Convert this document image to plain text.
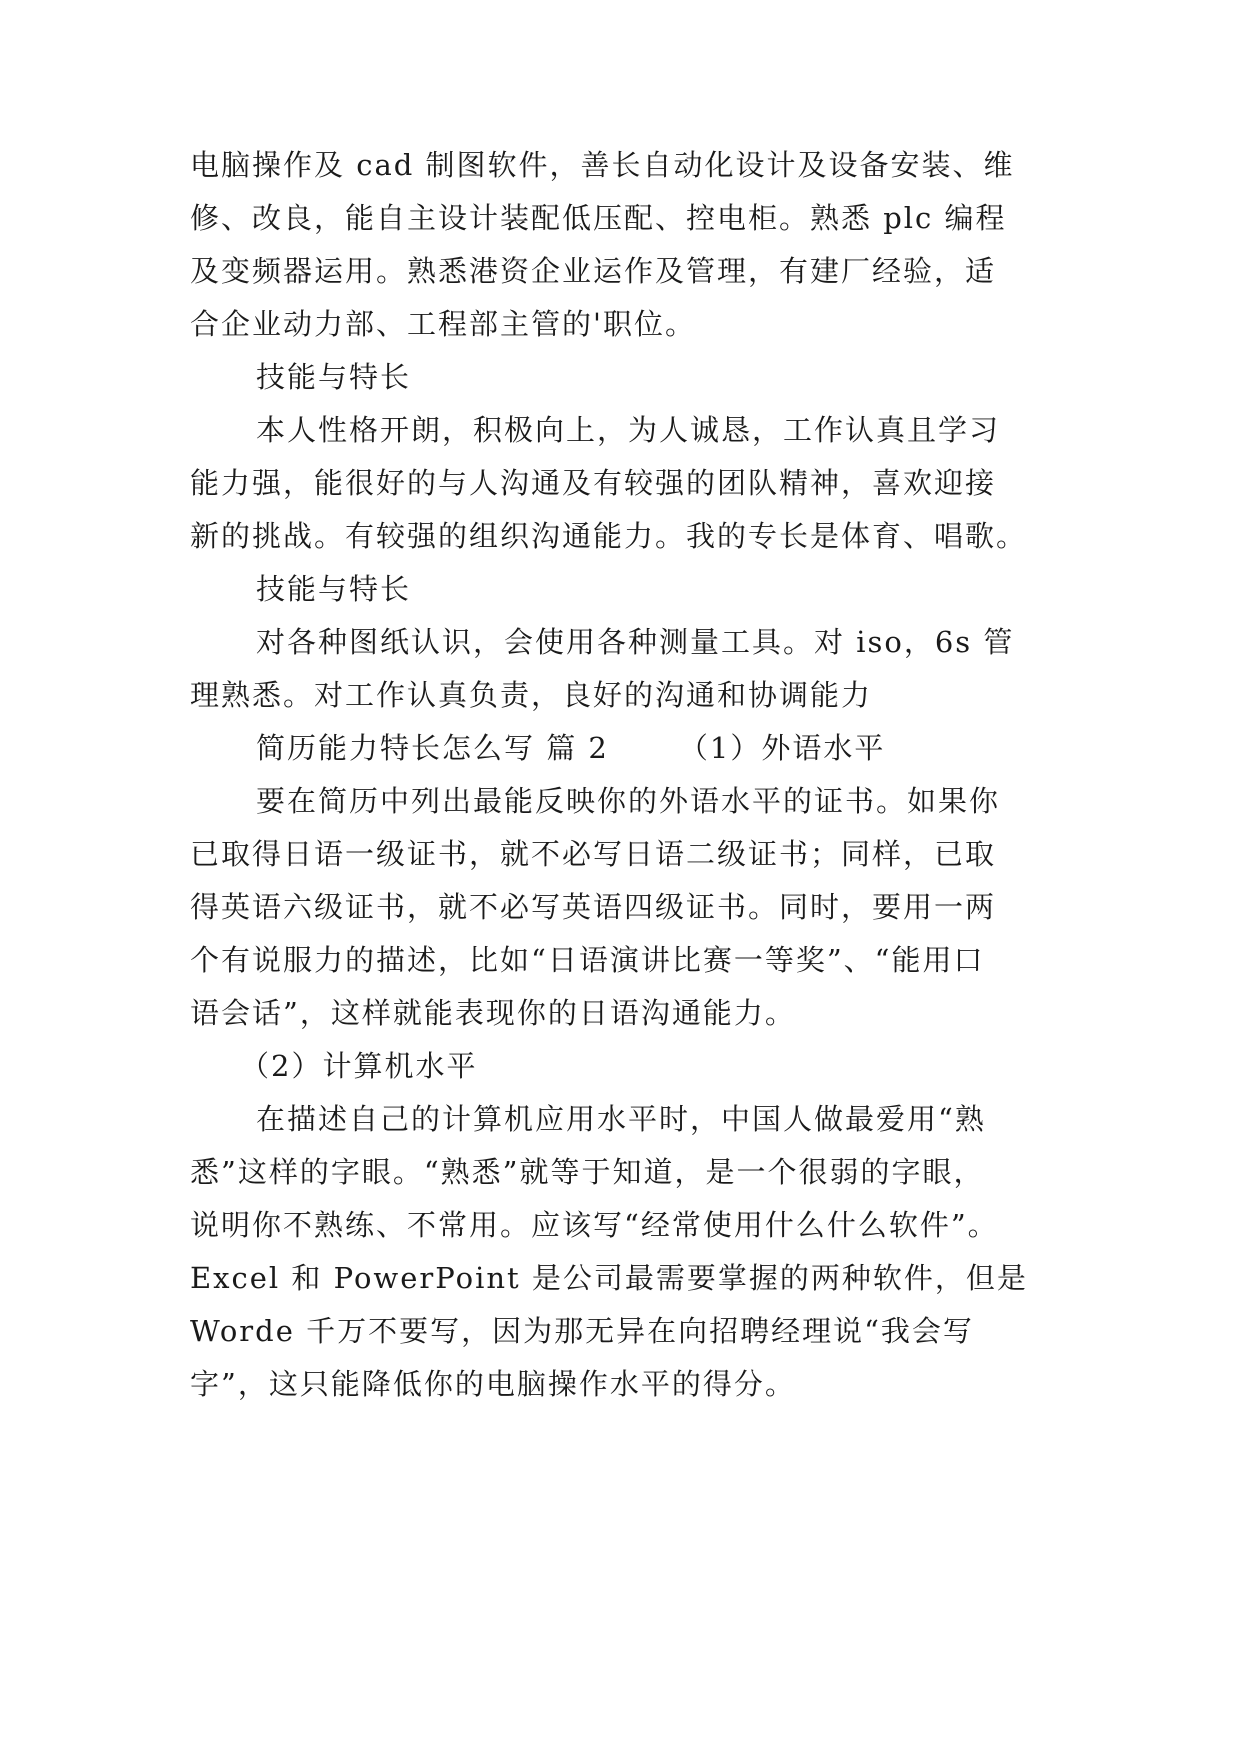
电脑操作及 cad 制图软件，善长自动化设计及设备安装、维
修、改良，能自主设计装配低压配、控电柜。熟悉 plc 编程
及变频器运用。熟悉港资企业运作及管理，有建厂经验，适
合企业动力部、工程部主管的'职位。
技能与特长
本人性格开朗，积极向上，为人诚恳，工作认真且学习
能力强，能很好的与人沟通及有较强的团队精神，喜欢迎接
新的挑战。有较强的组织沟通能力。我的专长是体育、唱歌。
技能与特长
对各种图纸认识，会使用各种测量工具。对 iso，6s 管
理熟悉。对工作认真负责，良好的沟通和协调能力
简历能力特长怎么写 篇 2 （1）外语水平
要在简历中列出最能反映你的外语水平的证书。如果你
已取得日语一级证书，就不必写日语二级证书；同样，已取
得英语六级证书，就不必写英语四级证书。同时，要用一两
个有说服力的描述，比如“日语演讲比赛一等奖”、“能用口
语会话”，这样就能表现你的日语沟通能力。
（2）计算机水平
在描述自己的计算机应用水平时，中国人做最爱用“熟
悉”这样的字眼。“熟悉”就等于知道，是一个很弱的字眼，
说明你不熟练、不常用。应该写“经常使用什么什么软件”。
Excel 和 PowerPoint 是公司最需要掌握的两种软件，但是
Worde 千万不要写，因为那无异在向招聘经理说“我会写
字”，这只能降低你的电脑操作水平的得分。
